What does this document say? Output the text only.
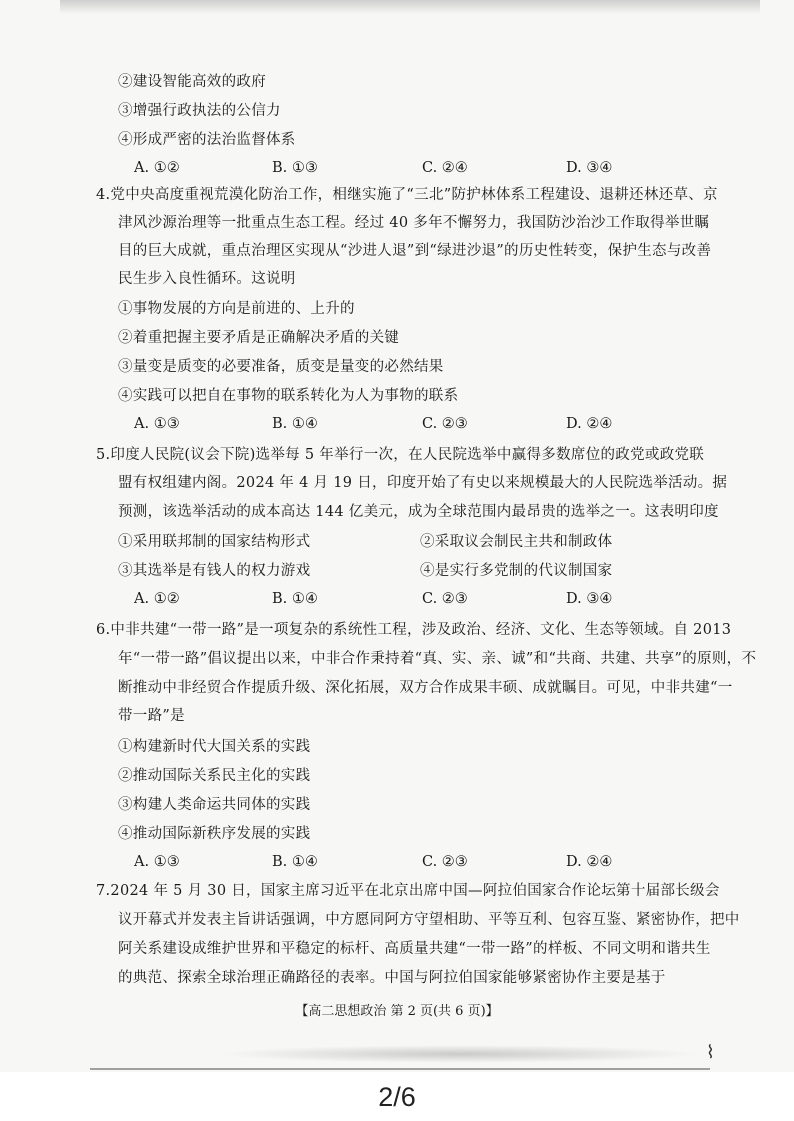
②建设智能高效的政府
③增强行政执法的公信力
④形成严密的法治监督体系
A. ①②	B. ①③	C. ②④	D. ③④
4.党中央高度重视荒漠化防治工作，相继实施了“三北”防护林体系工程建设、退耕还林还草、京
津风沙源治理等一批重点生态工程。经过 40 多年不懈努力，我国防沙治沙工作取得举世瞩
目的巨大成就，重点治理区实现从“沙进人退”到“绿进沙退”的历史性转变，保护生态与改善
民生步入良性循环。这说明
①事物发展的方向是前进的、上升的
②着重把握主要矛盾是正确解决矛盾的关键
③量变是质变的必要准备，质变是量变的必然结果
④实践可以把自在事物的联系转化为人为事物的联系
A. ①③	B. ①④	C. ②③	D. ②④
5.印度人民院(议会下院)选举每 5 年举行一次，在人民院选举中赢得多数席位的政党或政党联
盟有权组建内阁。2024 年 4 月 19 日，印度开始了有史以来规模最大的人民院选举活动。据
预测，该选举活动的成本高达 144 亿美元，成为全球范围内最昂贵的选举之一。这表明印度
①采用联邦制的国家结构形式	②采取议会制民主共和制政体
③其选举是有钱人的权力游戏	④是实行多党制的代议制国家
A. ①②	B. ①④	C. ②③	D. ③④
6.中非共建“一带一路”是一项复杂的系统性工程，涉及政治、经济、文化、生态等领域。自 2013
年“一带一路”倡议提出以来，中非合作秉持着“真、实、亲、诚”和“共商、共建、共享”的原则，不
断推动中非经贸合作提质升级、深化拓展，双方合作成果丰硕、成就瞩目。可见，中非共建“一
带一路”是
①构建新时代大国关系的实践
②推动国际关系民主化的实践
③构建人类命运共同体的实践
④推动国际新秩序发展的实践
A. ①③	B. ①④	C. ②③	D. ②④
7.2024 年 5 月 30 日，国家主席习近平在北京出席中国—阿拉伯国家合作论坛第十届部长级会
议开幕式并发表主旨讲话强调，中方愿同阿方守望相助、平等互利、包容互鉴、紧密协作，把中
阿关系建设成维护世界和平稳定的标杆、高质量共建“一带一路”的样板、不同文明和谐共生
的典范、探索全球治理正确路径的表率。中国与阿拉伯国家能够紧密协作主要是基于
【高二思想政治 第 2 页(共 6 页)】
⌇
2/6
